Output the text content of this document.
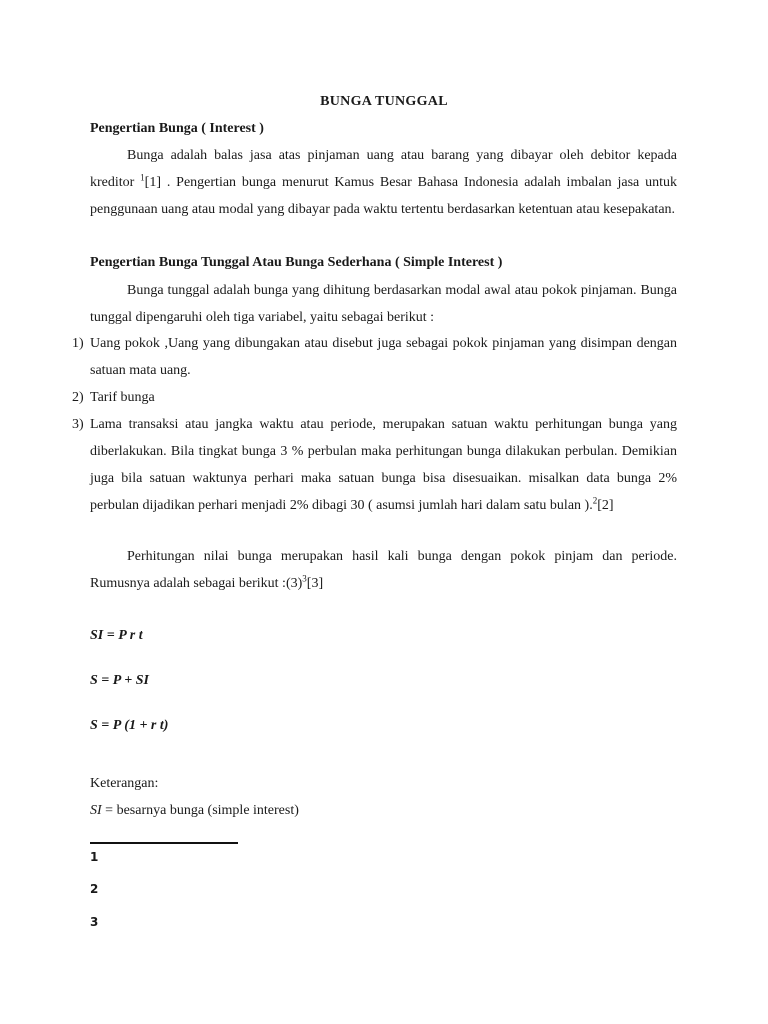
BUNGA TUNGGAL
Pengertian Bunga ( Interest )
Bunga adalah balas jasa atas pinjaman uang atau barang yang dibayar oleh debitor kepada kreditor $^1$[1] . Pengertian bunga menurut Kamus Besar Bahasa Indonesia adalah imbalan jasa untuk penggunaan uang atau modal yang dibayar pada waktu tertentu berdasarkan ketentuan atau kesepakatan.
Pengertian Bunga Tunggal Atau Bunga Sederhana ( Simple Interest )
Bunga tunggal adalah bunga yang dihitung berdasarkan modal awal atau pokok pinjaman. Bunga tunggal dipengaruhi oleh tiga variabel, yaitu sebagai berikut :
1) Uang pokok ,Uang yang dibungakan atau disebut juga sebagai pokok pinjaman yang disimpan dengan satuan mata uang.
2) Tarif bunga
3) Lama transaksi atau jangka waktu atau periode, merupakan satuan waktu perhitungan bunga yang diberlakukan. Bila tingkat bunga 3 % perbulan maka perhitungan bunga dilakukan perbulan. Demikian juga bila satuan waktunya perhari maka satuan bunga bisa disesuaikan. misalkan data bunga 2% perbulan dijadikan perhari menjadi 2% dibagi 30 ( asumsi jumlah hari dalam satu bulan ).$^2$[2]
Perhitungan nilai bunga merupakan hasil kali bunga dengan pokok pinjam dan periode. Rumusnya adalah sebagai berikut $:(3)^3[3]$
SI = P r t
S = P + SI
S = P (1 + r t)
Keterangan:
SI = besarnya bunga (simple interest)
1
2
3
